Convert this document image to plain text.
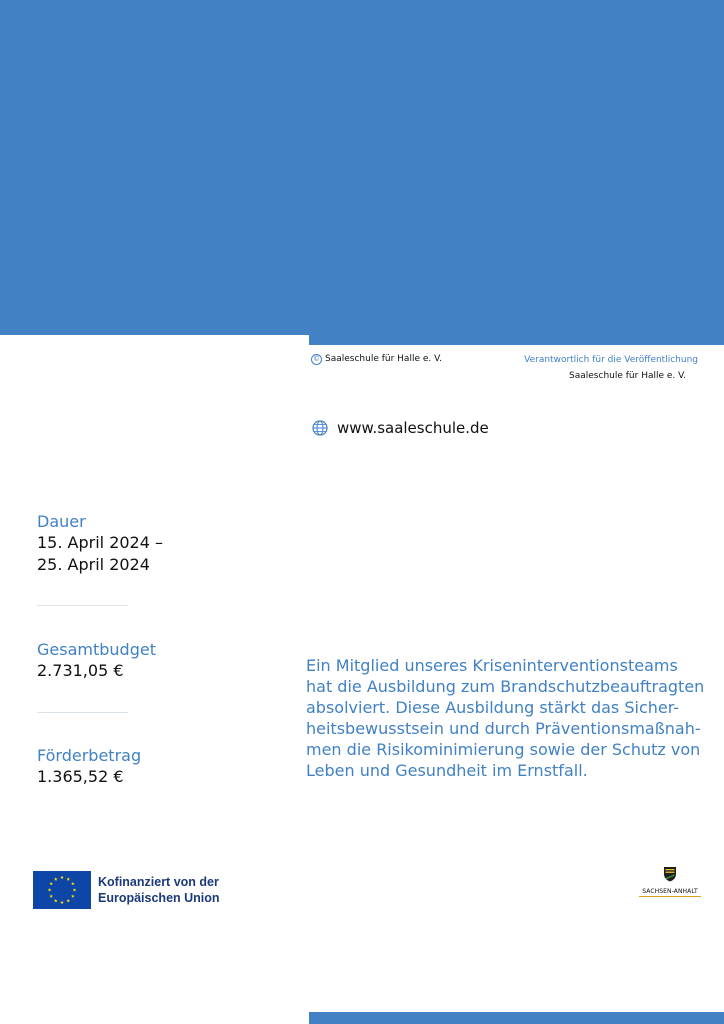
© Saaleschule für Halle e. V.	Verantwortlich für die Veröffentlichung
Saaleschule für Halle e. V.
www.saaleschule.de
Dauer
15. April 2024 –
25. April 2024
Gesamtbudget
2.731,05 €
Förderbetrag
1.365,52 €

Ein Mitglied unseres Kriseninterventionsteams
hat die Ausbildung zum Brandschutzbeauftragten
absolviert. Diese Ausbildung stärkt das Sicher-
heitsbewusstsein und durch Präventionsmaßnah-
men die Risikominimierung sowie der Schutz von
Leben und Gesundheit im Ernstfall.

Kofinanziert von der
Europäischen Union	SACHSEN-ANHALT
